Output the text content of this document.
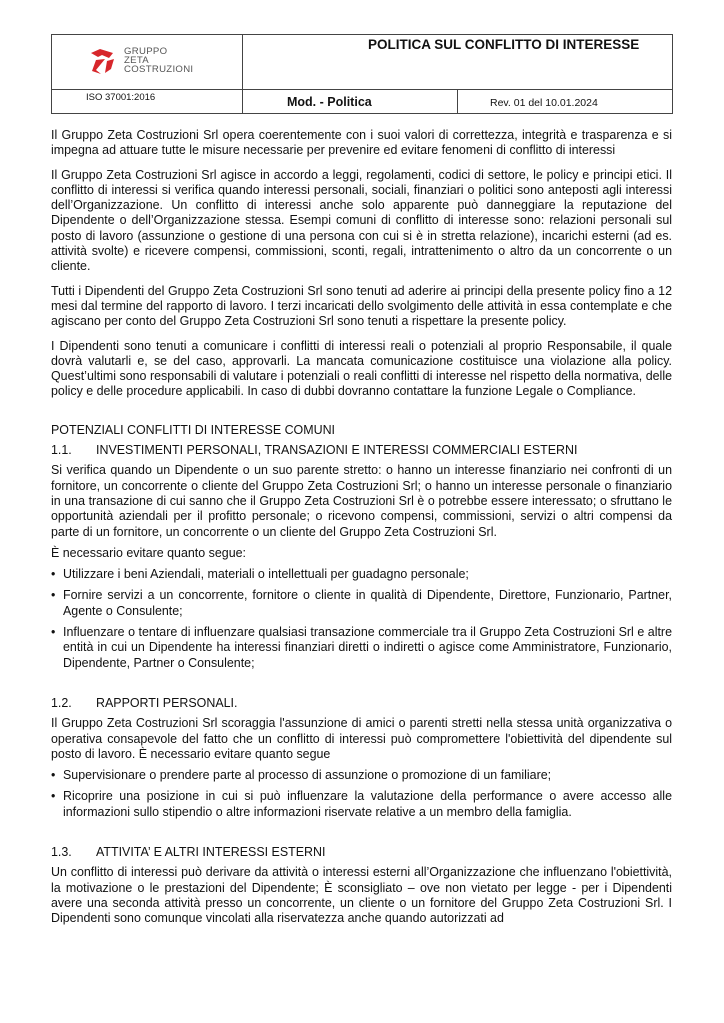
GRUPPO
ZETA
COSTRUZIONI	POLITICA SUL CONFLITTO DI INTERESSE	
ISO 37001:2016	Mod. - Politica	Rev. 01 del 10.01.2024

Il Gruppo Zeta Costruzioni Srl opera coerentemente con i suoi valori di correttezza, integrità e trasparenza e si impegna ad attuare tutte le misure necessarie per prevenire ed evitare fenomeni di conflitto di interessi

Il Gruppo Zeta Costruzioni Srl agisce in accordo a leggi, regolamenti, codici di settore, le policy e principi etici. Il conflitto di interessi si verifica quando interessi personali, sociali, finanziari o politici sono anteposti agli interessi dell’Organizzazione. Un conflitto di interessi anche solo apparente può danneggiare la reputazione del Dipendente o dell’Organizzazione stessa. Esempi comuni di conflitto di interesse sono: relazioni personali sul posto di lavoro (assunzione o gestione di una persona con cui si è in stretta relazione), incarichi esterni (ad es. attività svolte) e ricevere compensi, commissioni, sconti, regali, intrattenimento o altro da un concorrente o un cliente.

Tutti i Dipendenti del Gruppo Zeta Costruzioni Srl sono tenuti ad aderire ai principi della presente policy fino a 12 mesi dal termine del rapporto di lavoro. I terzi incaricati dello svolgimento delle attività in essa contemplate e che agiscano per conto del Gruppo Zeta Costruzioni Srl sono tenuti a rispettare la presente policy.

I Dipendenti sono tenuti a comunicare i conflitti di interessi reali o potenziali al proprio Responsabile, il quale dovrà valutarli e, se del caso, approvarli. La mancata comunicazione costituisce una violazione alla policy. Quest’ultimi sono responsabili di valutare i potenziali o reali conflitti di interesse nel rispetto della normativa, delle policy e delle procedure applicabili. In caso di dubbi dovranno contattare la funzione Legale o Compliance.

POTENZIALI CONFLITTI DI INTERESSE COMUNI

1.1. INVESTIMENTI PERSONALI, TRANSAZIONI E INTERESSI COMMERCIALI ESTERNI

Si verifica quando un Dipendente o un suo parente stretto: o hanno un interesse finanziario nei confronti di un fornitore, un concorrente o cliente del Gruppo Zeta Costruzioni Srl; o hanno un interesse personale o finanziario in una transazione di cui sanno che il Gruppo Zeta Costruzioni Srl è o potrebbe essere interessato; o sfruttano le opportunità aziendali per il profitto personale; o ricevono compensi, commissioni, servizi o altri compensi da parte di un fornitore, un concorrente o un cliente del Gruppo Zeta Costruzioni Srl.

È necessario evitare quanto segue:

• Utilizzare i beni Aziendali, materiali o intellettuali per guadagno personale;

• Fornire servizi a un concorrente, fornitore o cliente in qualità di Dipendente, Direttore, Funzionario, Partner, Agente o Consulente;

• Influenzare o tentare di influenzare qualsiasi transazione commerciale tra il Gruppo Zeta Costruzioni Srl e altre entità in cui un Dipendente ha interessi finanziari diretti o indiretti o agisce come Amministratore, Funzionario, Dipendente, Partner o Consulente;

1.2. RAPPORTI PERSONALI.

Il Gruppo Zeta Costruzioni Srl scoraggia l'assunzione di amici o parenti stretti nella stessa unità organizzativa o operativa consapevole del fatto che un conflitto di interessi può compromettere l'obiettività del dipendente sul posto di lavoro. È necessario evitare quanto segue

• Supervisionare o prendere parte al processo di assunzione o promozione di un familiare;

• Ricoprire una posizione in cui si può influenzare la valutazione della performance o avere accesso alle informazioni sullo stipendio o altre informazioni riservate relative a un membro della famiglia.

1.3. ATTIVITA’ E ALTRI INTERESSI ESTERNI

Un conflitto di interessi può derivare da attività o interessi esterni all’Organizzazione che influenzano l'obiettività, la motivazione o le prestazioni del Dipendente; È sconsigliato – ove non vietato per legge - per i Dipendenti avere una seconda attività presso un concorrente, un cliente o un fornitore del Gruppo Zeta Costruzioni Srl. I Dipendenti sono comunque vincolati alla riservatezza anche quando autorizzati ad
